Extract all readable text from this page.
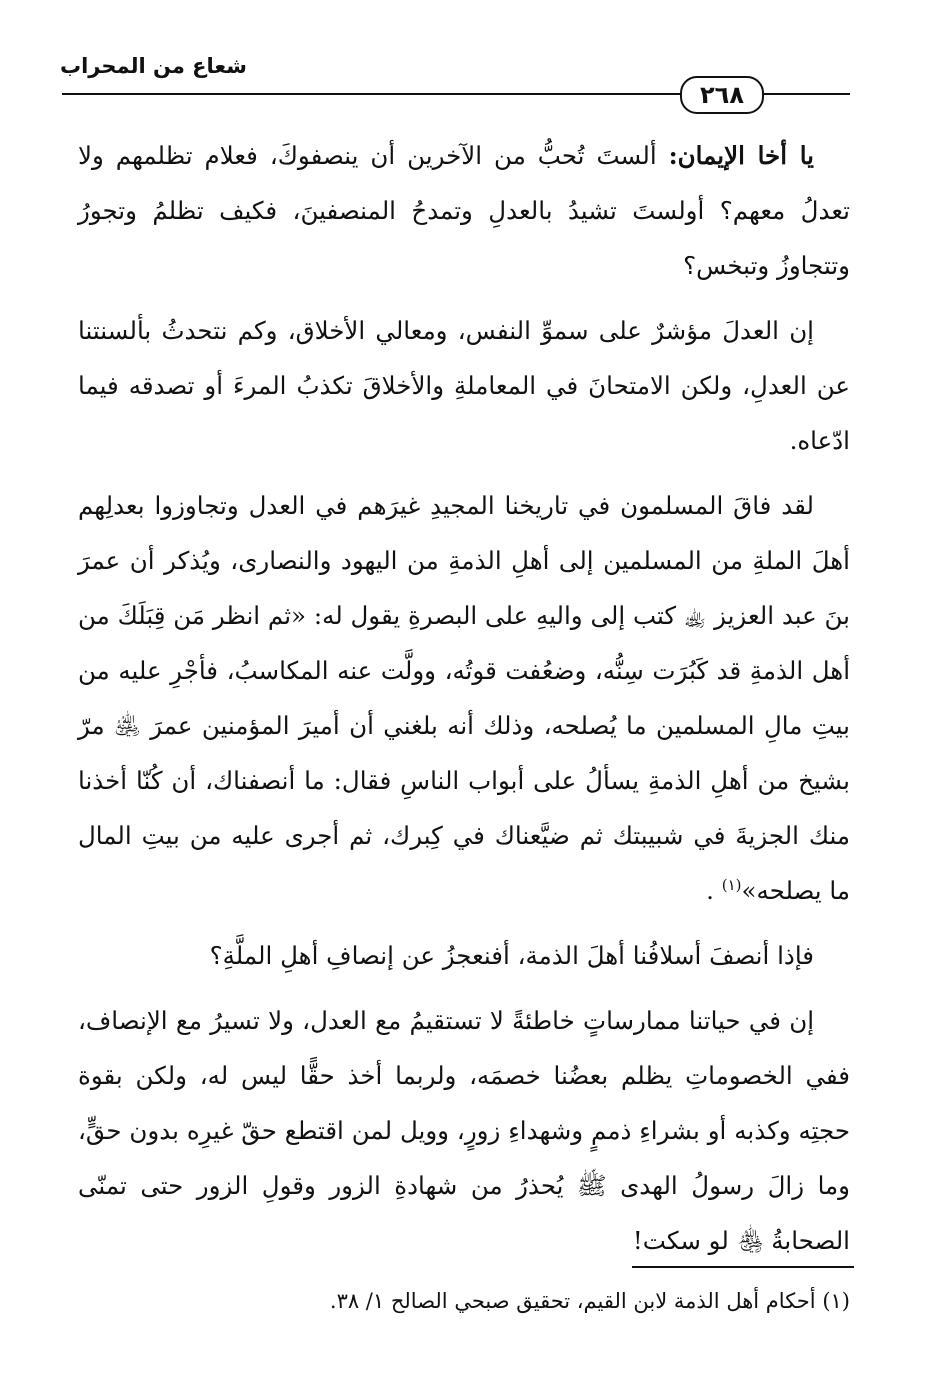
شعاع من المحراب
٢٦٨

يا أخا الإيمان: ألستَ تُحبُّ من الآخرين أن ينصفوكَ، فعلام تظلمهم ولا تعدلُ معهم؟ أولستَ تشيدُ بالعدلِ وتمدحُ المنصفينَ، فكيف تظلمُ وتجورُ وتتجاوزُ وتبخس؟

إن العدلَ مؤشرٌ على سموِّ النفس، ومعالي الأخلاق، وكم نتحدثُ بألسنتنا عن العدلِ، ولكن الامتحانَ في المعاملةِ والأخلاقَ تكذبُ المرءَ أو تصدقه فيما ادّعاه.

لقد فاقَ المسلمون في تاريخنا المجيدِ غيرَهم في العدل وتجاوزوا بعدلِهم أهلَ الملةِ من المسلمين إلى أهلِ الذمةِ من اليهود والنصارى، ويُذكر أن عمرَ بنَ عبد العزيز ﵀ كتب إلى واليهِ على البصرةِ يقول له: «ثم انظر مَن قِبَلَكَ من أهل الذمةِ قد كَبُرَت سِنُّه، وضعُفت قوتُه، وولَّت عنه المكاسبُ، فأجْرِ عليه من بيتِ مالِ المسلمين ما يُصلحه، وذلك أنه بلغني أن أميرَ المؤمنين عمرَ ﵁ مرّ بشيخ من أهلِ الذمةِ يسألُ على أبواب الناسِ فقال: ما أنصفناك، أن كُنّا أخذنا منك الجزيةَ في شبيبتك ثم ضيَّعناك في كِبرك، ثم أجرى عليه من بيتِ المال ما يصلحه»$^{(١)}$ .

فإذا أنصفَ أسلافُنا أهلَ الذمة، أفنعجزُ عن إنصافِ أهلِ الملَّةِ؟

إن في حياتنا ممارساتٍ خاطئةً لا تستقيمُ مع العدل، ولا تسيرُ مع الإنصاف، ففي الخصوماتِ يظلم بعضُنا خصمَه، ولربما أخذ حقًّا ليس له، ولكن بقوة حجتِه وكذبه أو بشراءِ ذممٍ وشهداءِ زورٍ، وويل لمن اقتطع حقّ غيرِه بدون حقٍّ، وما زالَ رسولُ الهدى ﷺ يُحذرُ من شهادةِ الزور وقولِ الزور حتى تمنّى الصحابةُ ﵃ لو سكت!

(١) أحكام أهل الذمة لابن القيم، تحقيق صبحي الصالح ١/ ٣٨.
